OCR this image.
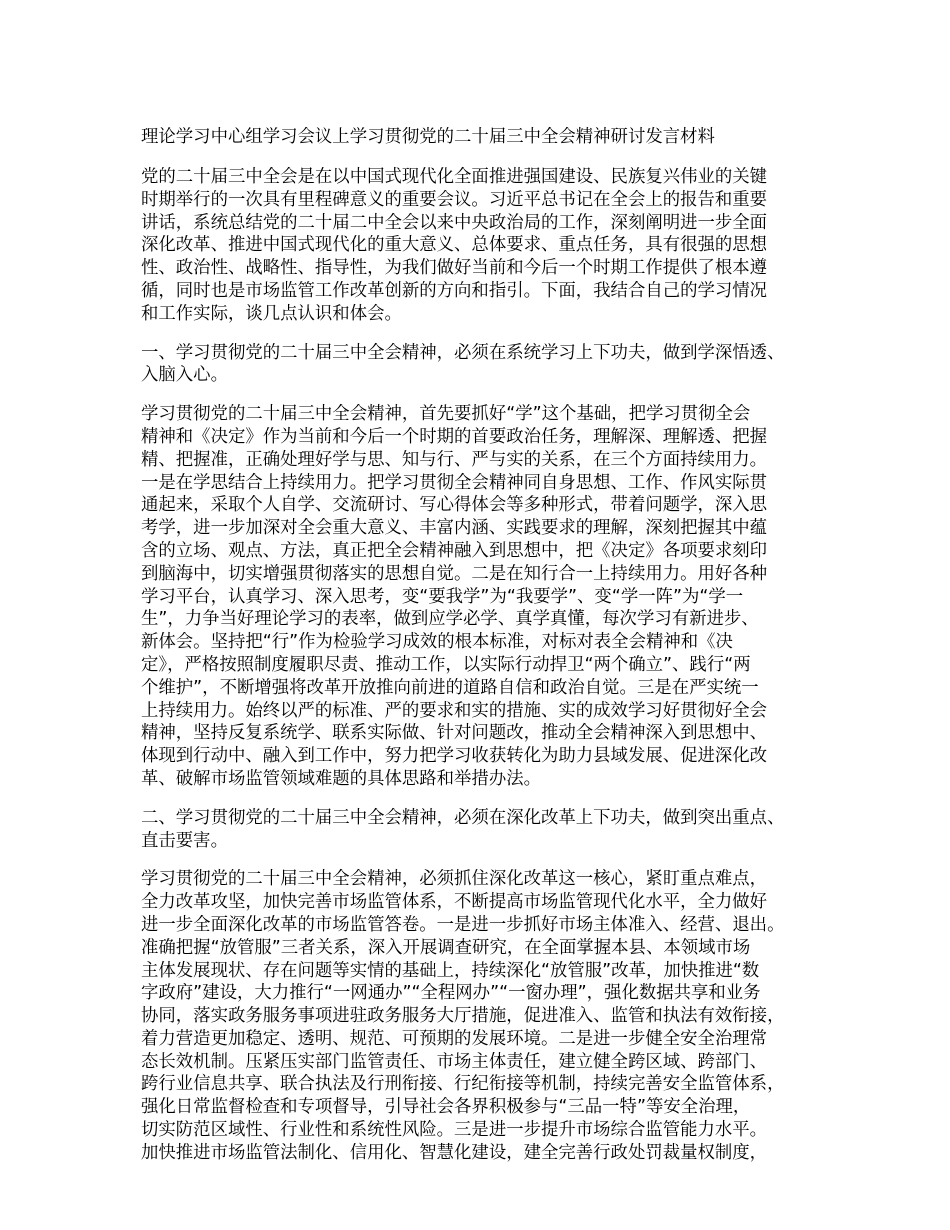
理论学习中心组学习会议上学习贯彻党的二十届三中全会精神研讨发言材料
党的二十届三中全会是在以中国式现代化全面推进强国建设、民族复兴伟业的关键
时期举行的一次具有里程碑意义的重要会议。习近平总书记在全会上的报告和重要
讲话，系统总结党的二十届二中全会以来中央政治局的工作，深刻阐明进一步全面
深化改革、推进中国式现代化的重大意义、总体要求、重点任务，具有很强的思想
性、政治性、战略性、指导性，为我们做好当前和今后一个时期工作提供了根本遵
循，同时也是市场监管工作改革创新的方向和指引。下面，我结合自己的学习情况
和工作实际，谈几点认识和体会。
一、学习贯彻党的二十届三中全会精神，必须在系统学习上下功夫，做到学深悟透、
入脑入心。
学习贯彻党的二十届三中全会精神，首先要抓好“学”这个基础，把学习贯彻全会
精神和《决定》作为当前和今后一个时期的首要政治任务，理解深、理解透、把握
精、把握准，正确处理好学与思、知与行、严与实的关系，在三个方面持续用力。
一是在学思结合上持续用力。把学习贯彻全会精神同自身思想、工作、作风实际贯
通起来，采取个人自学、交流研讨、写心得体会等多种形式，带着问题学，深入思
考学，进一步加深对全会重大意义、丰富内涵、实践要求的理解，深刻把握其中蕴
含的立场、观点、方法，真正把全会精神融入到思想中，把《决定》各项要求刻印
到脑海中，切实增强贯彻落实的思想自觉。二是在知行合一上持续用力。用好各种
学习平台，认真学习、深入思考，变“要我学”为“我要学”、变“学一阵”为“学一
生”，力争当好理论学习的表率，做到应学必学、真学真懂，每次学习有新进步、
新体会。坚持把“行”作为检验学习成效的根本标准，对标对表全会精神和《决
定》，严格按照制度履职尽责、推动工作，以实际行动捍卫“两个确立”、践行“两
个维护”，不断增强将改革开放推向前进的道路自信和政治自觉。三是在严实统一
上持续用力。始终以严的标准、严的要求和实的措施、实的成效学习好贯彻好全会
精神，坚持反复系统学、联系实际做、针对问题改，推动全会精神深入到思想中、
体现到行动中、融入到工作中，努力把学习收获转化为助力县域发展、促进深化改
革、破解市场监管领域难题的具体思路和举措办法。
二、学习贯彻党的二十届三中全会精神，必须在深化改革上下功夫，做到突出重点、
直击要害。
学习贯彻党的二十届三中全会精神，必须抓住深化改革这一核心，紧盯重点难点，
全力改革攻坚，加快完善市场监管体系，不断提高市场监管现代化水平，全力做好
进一步全面深化改革的市场监管答卷。一是进一步抓好市场主体准入、经营、退出。
准确把握“放管服”三者关系，深入开展调查研究，在全面掌握本县、本领域市场
主体发展现状、存在问题等实情的基础上，持续深化“放管服”改革，加快推进“数
字政府”建设，大力推行“一网通办”“全程网办”“一窗办理”，强化数据共享和业务
协同，落实政务服务事项进驻政务服务大厅措施，促进准入、监管和执法有效衔接，
着力营造更加稳定、透明、规范、可预期的发展环境。二是进一步健全安全治理常
态长效机制。压紧压实部门监管责任、市场主体责任，建立健全跨区域、跨部门、
跨行业信息共享、联合执法及行刑衔接、行纪衔接等机制，持续完善安全监管体系，
强化日常监督检查和专项督导，引导社会各界积极参与“三品一特”等安全治理，
切实防范区域性、行业性和系统性风险。三是进一步提升市场综合监管能力水平。
加快推进市场监管法制化、信用化、智慧化建设，建全完善行政处罚裁量权制度，
